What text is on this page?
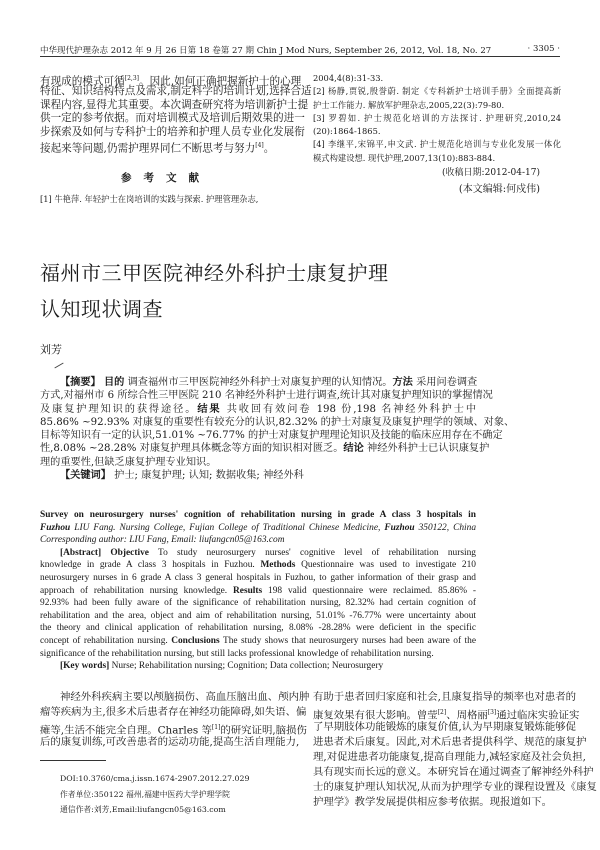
中华现代护理杂志 2012 年 9 月 26 日第 18 卷第 27 期 Chin J Mod Nurs, September 26, 2012, Vol. 18, No. 27	· 3305 ·
有现成的模式可循[2,3]。因此,如何正确把握新护士的心理
特征、知识结构特点及需求,制定科学的培训计划,选择合适
课程内容,显得尤其重要。本次调查研究将为培训新护士提
供一定的参考依据。而对培训模式及培训后期效果的进一
步探索及如何与专科护士的培养和护理人员专业化发展衔
接起来等问题,仍需护理界同仁不断思考与努力[4]。
参考文献
[1] 牛艳萍. 年轻护士在岗培训的实践与探索. 护理管理杂志,
2004,4(8):31-33.
[2] 杨静,贾锐,殷誉蔚. 制定《专科新护士培训手册》全面提高新
护士工作能力. 解放军护理杂志,2005,22(3):79-80.
[3] 罗碧如. 护士规范化培训的方法探讨. 护理研究,2010,24
(20):1864-1865.
[4] 李继平,宋锦平,申文武. 护士规范化培训与专业化发展一体化
模式构建设想. 现代护理,2007,13(10):883-884.
(收稿日期:2012-04-17)
(本文编辑:何戍伟)
福州市三甲医院神经外科护士康复护理
认知现状调查
刘芳
【摘要】 目的 调查福州市三甲医院神经外科护士对康复护理的认知情况。方法 采用问卷调查
方式,对福州市 6 所综合性三甲医院 210 名神经外科护士进行调查,统计其对康复护理知识的掌握情况
及康复护理知识的获得途径。结果 共收回有效问卷 198 份,198 名神经外科护士中
85.86% ~92.93% 对康复的重要性有较充分的认识,82.32% 的护士对康复及康复护理学的领域、对象、
目标等知识有一定的认识,51.01% ~76.77% 的护士对康复护理理论知识及技能的临床应用存在不确定
性,8.08% ~28.28% 对康复护理具体概念等方面的知识相对匮乏。结论 神经外科护士已认识康复护
理的重要性,但缺乏康复护理专业知识。
【关键词】 护士; 康复护理; 认知; 数据收集; 神经外科
Survey on neurosurgery nurses' cognition of rehabilitation nursing in grade A class 3 hospitals in
Fuzhou LIU Fang. Nursing College, Fujian College of Traditional Chinese Medicine, Fuzhou 350122, China
Corresponding author: LIU Fang, Email: liufangcn05@163.com
[Abstract] Objective To study neurosurgery nurses' cognitive level of rehabilitation nursing
knowledge in grade A class 3 hospitals in Fuzhou. Methods Questionnaire was used to investigate 210
neurosurgery nurses in 6 grade A class 3 general hospitals in Fuzhou, to gather information of their grasp and
approach of rehabilitation nursing knowledge. Results 198 valid questionnaire were reclaimed. 85.86% -
92.93% had been fully aware of the significance of rehabilitation nursing, 82.32% had certain cognition of
rehabilitation and the area, object and aim of rehabilitation nursing, 51.01% -76.77% were uncertainty about
the theory and clinical application of rehabilitation nursing, 8.08% -28.28% were deficient in the specific
concept of rehabilitation nursing. Conclusions The study shows that neurosurgery nurses had been aware of the
significance of the rehabilitation nursing, but still lacks professional knowledge of rehabilitation nursing.
[Key words] Nurse; Rehabilitation nursing; Cognition; Data collection; Neurosurgery
神经外科疾病主要以颅脑损伤、高血压脑出血、颅内肿
瘤等疾病为主,很多术后患者存在神经功能障碍,如失语、偏
瘫等,生活不能完全自理。Charles 等[1]的研究证明,脑损伤
后的康复训练,可改善患者的运动功能,提高生活自理能力,
有助于患者回归家庭和社会,且康复指导的频率也对患者的
康复效果有很大影响。曾莹[2]、周格丽[3]通过临床实验证实
了早期肢体功能锻炼的康复价值,认为早期康复锻炼能够促
进患者术后康复。因此,对术后患者提供科学、规范的康复护
理,对促进患者功能康复,提高自理能力,减轻家庭及社会负担,
具有现实而长远的意义。本研究旨在通过调查了解神经外科护
士的康复护理认知状况,从而为护理学专业的课程设置及《康复
护理学》教学发展提供相应参考依据。现报道如下。
DOI:10.3760/cma.j.issn.1674-2907.2012.27.029
作者单位:350122 福州,福建中医药大学护理学院
通信作者:刘芳,Email:liufangcn05@163.com
